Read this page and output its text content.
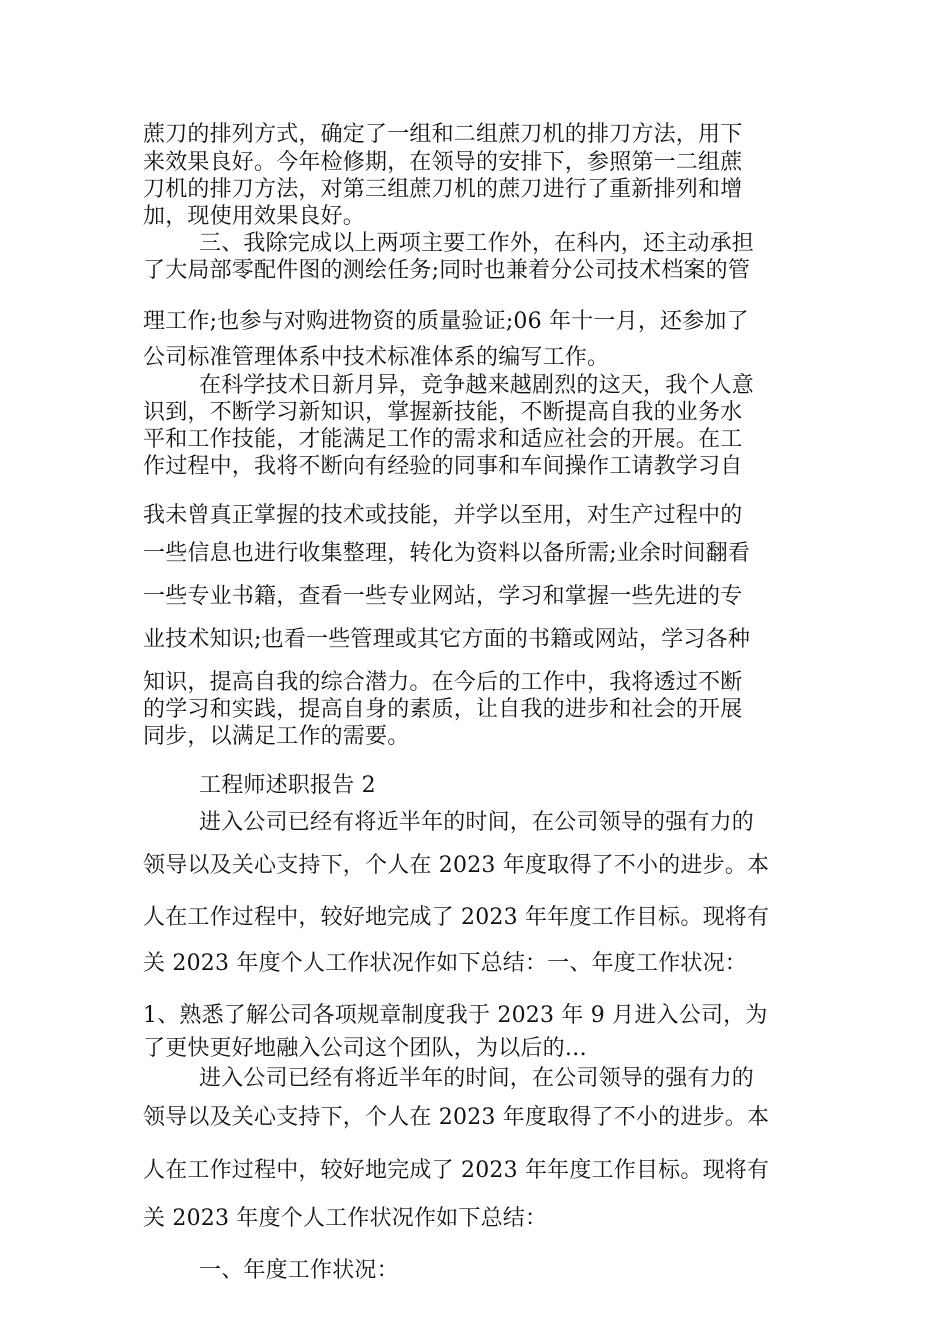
蔗刀的排列方式，确定了一组和二组蔗刀机的排刀方法，用下
来效果良好。今年检修期，在领导的安排下，参照第一二组蔗
刀机的排刀方法，对第三组蔗刀机的蔗刀进行了重新排列和增
加，现使用效果良好。
三、我除完成以上两项主要工作外，在科内，还主动承担
了大局部零配件图的测绘任务;同时也兼着分公司技术档案的管
理工作;也参与对购进物资的质量验证;06 年十一月，还参加了
公司标准管理体系中技术标准体系的编写工作。
在科学技术日新月异，竞争越来越剧烈的这天，我个人意
识到，不断学习新知识，掌握新技能，不断提高自我的业务水
平和工作技能，才能满足工作的需求和适应社会的开展。在工
作过程中，我将不断向有经验的同事和车间操作工请教学习自
我未曾真正掌握的技术或技能，并学以至用，对生产过程中的
一些信息也进行收集整理，转化为资料以备所需;业余时间翻看
一些专业书籍，查看一些专业网站，学习和掌握一些先进的专
业技术知识;也看一些管理或其它方面的书籍或网站，学习各种
知识，提高自我的综合潜力。在今后的工作中，我将透过不断
的学习和实践，提高自身的素质，让自我的进步和社会的开展
同步，以满足工作的需要。
工程师述职报告 2
进入公司已经有将近半年的时间，在公司领导的强有力的
领导以及关心支持下，个人在 2023 年度取得了不小的进步。本
人在工作过程中，较好地完成了 2023 年年度工作目标。现将有
关 2023 年度个人工作状况作如下总结：一、年度工作状况：
1、熟悉了解公司各项规章制度我于 2023 年 9 月进入公司，为
了更快更好地融入公司这个团队，为以后的…
进入公司已经有将近半年的时间，在公司领导的强有力的
领导以及关心支持下，个人在 2023 年度取得了不小的进步。本
人在工作过程中，较好地完成了 2023 年年度工作目标。现将有
关 2023 年度个人工作状况作如下总结：
一、年度工作状况：
